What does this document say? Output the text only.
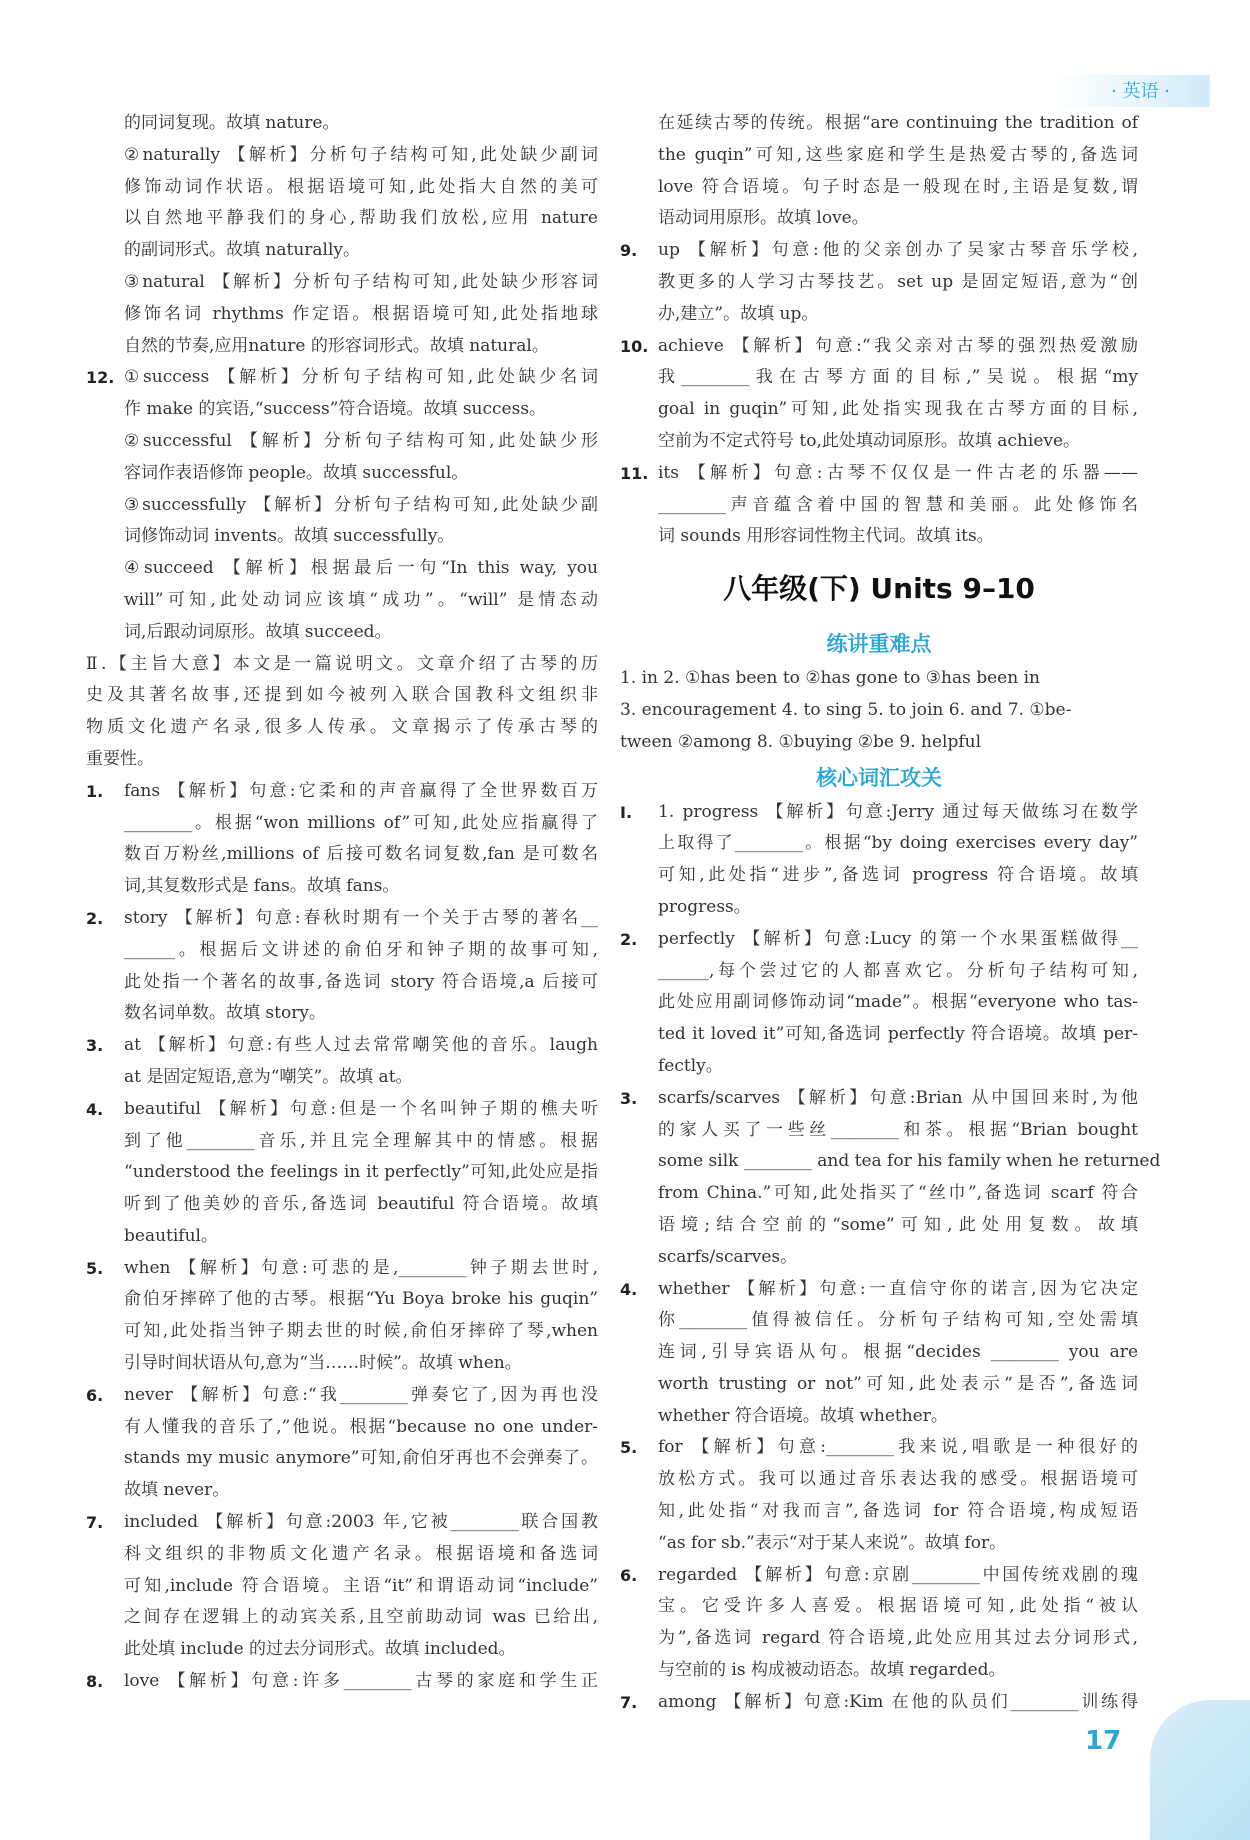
· 英语 ·
的同词复现。故填 nature。
②naturally 【解析】分析句子结构可知,此处缺少副词
修饰动词作状语。根据语境可知,此处指大自然的美可
以自然地平静我们的身心,帮助我们放松,应用 nature
的副词形式。故填 naturally。
③natural 【解析】分析句子结构可知,此处缺少形容词
修饰名词 rhythms 作定语。根据语境可知,此处指地球
自然的节奏,应用nature 的形容词形式。故填 natural。
12. ①success 【解析】分析句子结构可知,此处缺少名词
作 make 的宾语,“success”符合语境。故填 success。
②successful 【解析】分析句子结构可知,此处缺少形
容词作表语修饰 people。故填 successful。
③successfully 【解析】分析句子结构可知,此处缺少副
词修饰动词 invents。故填 successfully。
④succeed 【解析】根据最后一句“In this way, you
will”可知,此处动词应该填“成功”。“will” 是情态动
词,后跟动词原形。故填 succeed。
Ⅱ.【主旨大意】本文是一篇说明文。文章介绍了古琴的历
史及其著名故事,还提到如今被列入联合国教科文组织非
物质文化遗产名录,很多人传承。文章揭示了传承古琴的
重要性。
1. fans 【解析】句意:它柔和的声音赢得了全世界数百万
________。根据“won millions of”可知,此处应指赢得了
数百万粉丝,millions of 后接可数名词复数,fan 是可数名
词,其复数形式是 fans。故填 fans。
2. story 【解析】句意:春秋时期有一个关于古琴的著名__
______。根据后文讲述的俞伯牙和钟子期的故事可知,
此处指一个著名的故事,备选词 story 符合语境,a 后接可
数名词单数。故填 story。
3. at 【解析】句意:有些人过去常常嘲笑他的音乐。laugh
at 是固定短语,意为“嘲笑”。故填 at。
4. beautiful 【解析】句意:但是一个名叫钟子期的樵夫听
到了他________音乐,并且完全理解其中的情感。根据
“understood the feelings in it perfectly”可知,此处应是指
听到了他美妙的音乐,备选词 beautiful 符合语境。故填
beautiful。
5. when 【解析】句意:可悲的是,________钟子期去世时,
俞伯牙摔碎了他的古琴。根据“Yu Boya broke his guqin”
可知,此处指当钟子期去世的时候,俞伯牙摔碎了琴,when
引导时间状语从句,意为“当……时候”。故填 when。
6. never 【解析】句意:“我________弹奏它了,因为再也没
有人懂我的音乐了,”他说。根据“because no one under-
stands my music anymore”可知,俞伯牙再也不会弹奏了。
故填 never。
7. included 【解析】句意:2003 年,它被________联合国教
科文组织的非物质文化遗产名录。根据语境和备选词
可知,include 符合语境。主语“it”和谓语动词“include”
之间存在逻辑上的动宾关系,且空前助动词 was 已给出,
此处填 include 的过去分词形式。故填 included。
8. love 【解析】句意:许多________古琴的家庭和学生正
在延续古琴的传统。根据“are continuing the tradition of
the guqin”可知,这些家庭和学生是热爱古琴的,备选词
love 符合语境。句子时态是一般现在时,主语是复数,谓
语动词用原形。故填 love。
9. up 【解析】句意:他的父亲创办了吴家古琴音乐学校,
教更多的人学习古琴技艺。set up 是固定短语,意为“创
办,建立”。故填 up。
10. achieve 【解析】句意:“我父亲对古琴的强烈热爱激励
我________我在古琴方面的目标,”吴说。根据“my
goal in guqin”可知,此处指实现我在古琴方面的目标,
空前为不定式符号 to,此处填动词原形。故填 achieve。
11. its 【解析】句意:古琴不仅仅是一件古老的乐器——
________声音蕴含着中国的智慧和美丽。此处修饰名
词 sounds 用形容词性物主代词。故填 its。
八年级(下) Units 9–10
练讲重难点
1. in 2. ①has been to ②has gone to ③has been in
3. encouragement 4. to sing 5. to join 6. and 7. ①be-
tween ②among 8. ①buying ②be 9. helpful
核心词汇攻关
Ⅰ. 1. progress 【解析】句意:Jerry 通过每天做练习在数学
上取得了________。根据“by doing exercises every day”
可知,此处指“进步”,备选词 progress 符合语境。故填
progress。
2. perfectly 【解析】句意:Lucy 的第一个水果蛋糕做得__
______,每个尝过它的人都喜欢它。分析句子结构可知,
此处应用副词修饰动词“made”。根据“everyone who tas-
ted it loved it”可知,备选词 perfectly 符合语境。故填 per-
fectly。
3. scarfs/scarves 【解析】句意:Brian 从中国回来时,为他
的家人买了一些丝________和茶。根据“Brian bought
some silk ________ and tea for his family when he returned
from China.”可知,此处指买了“丝巾”,备选词 scarf 符合
语境;结合空前的“some”可知,此处用复数。故填
scarfs/scarves。
4. whether 【解析】句意:一直信守你的诺言,因为它决定
你________值得被信任。分析句子结构可知,空处需填
连词,引导宾语从句。根据“decides ________ you are
worth trusting or not”可知,此处表示“是否”,备选词
whether 符合语境。故填 whether。
5. for 【解析】句意:________我来说,唱歌是一种很好的
放松方式。我可以通过音乐表达我的感受。根据语境可
知,此处指“对我而言”,备选词 for 符合语境,构成短语
“as for sb.”表示“对于某人来说”。故填 for。
6. regarded 【解析】句意:京剧________中国传统戏剧的瑰
宝。它受许多人喜爱。根据语境可知,此处指“被认
为”,备选词 regard 符合语境,此处应用其过去分词形式,
与空前的 is 构成被动语态。故填 regarded。
7. among 【解析】句意:Kim 在他的队员们________训练得
17
